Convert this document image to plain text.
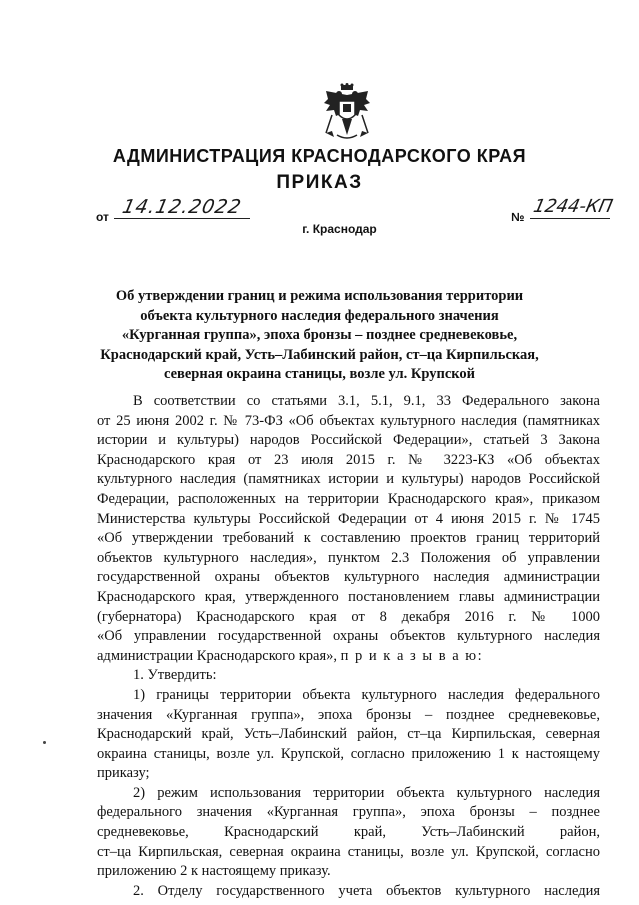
АДМИНИСТРАЦИЯ КРАСНОДАРСКОГО КРАЯ
ПРИКАЗ
от 14.12.2022	№ 1244-КП
г. Краснодар
Об утверждении границ и режима использования территории
объекта культурного наследия федерального значения
«Курганная группа», эпоха бронзы – позднее средневековье,
Краснодарский край, Усть–Лабинский район, ст–ца Кирпильская,
северная окраина станицы, возле ул. Крупской
В соответствии со статьями 3.1, 5.1, 9.1, 33 Федерального закона
от 25 июня 2002 г. № 73-ФЗ «Об объектах культурного наследия (памятниках
истории и культуры) народов Российской Федерации», статьей 3 Закона
Краснодарского края от 23 июля 2015 г. № 3223-КЗ «Об объектах
культурного наследия (памятниках истории и культуры) народов Российской
Федерации, расположенных на территории Краснодарского края», приказом
Министерства культуры Российской Федерации от 4 июня 2015 г. № 1745
«Об утверждении требований к составлению проектов границ территорий
объектов культурного наследия», пунктом 2.3 Положения об управлении
государственной охраны объектов культурного наследия администрации
Краснодарского края, утвержденного постановлением главы администрации
(губернатора) Краснодарского края от 8 декабря 2016 г. № 1000
«Об управлении государственной охраны объектов культурного наследия
администрации Краснодарского края», п р и к а з ы в а ю:
1. Утвердить:
1) границы территории объекта культурного наследия федерального
значения «Курганная группа», эпоха бронзы – позднее средневековье,
Краснодарский край, Усть–Лабинский район, ст–ца Кирпильская, северная
окраина станицы, возле ул. Крупской, согласно приложению 1 к настоящему
приказу;
2) режим использования территории объекта культурного наследия
федерального значения «Курганная группа», эпоха бронзы – позднее
средневековье, Краснодарский край, Усть–Лабинский район,
ст–ца Кирпильская, северная окраина станицы, возле ул. Крупской, согласно
приложению 2 к настоящему приказу.
2. Отделу государственного учета объектов культурного наследия
